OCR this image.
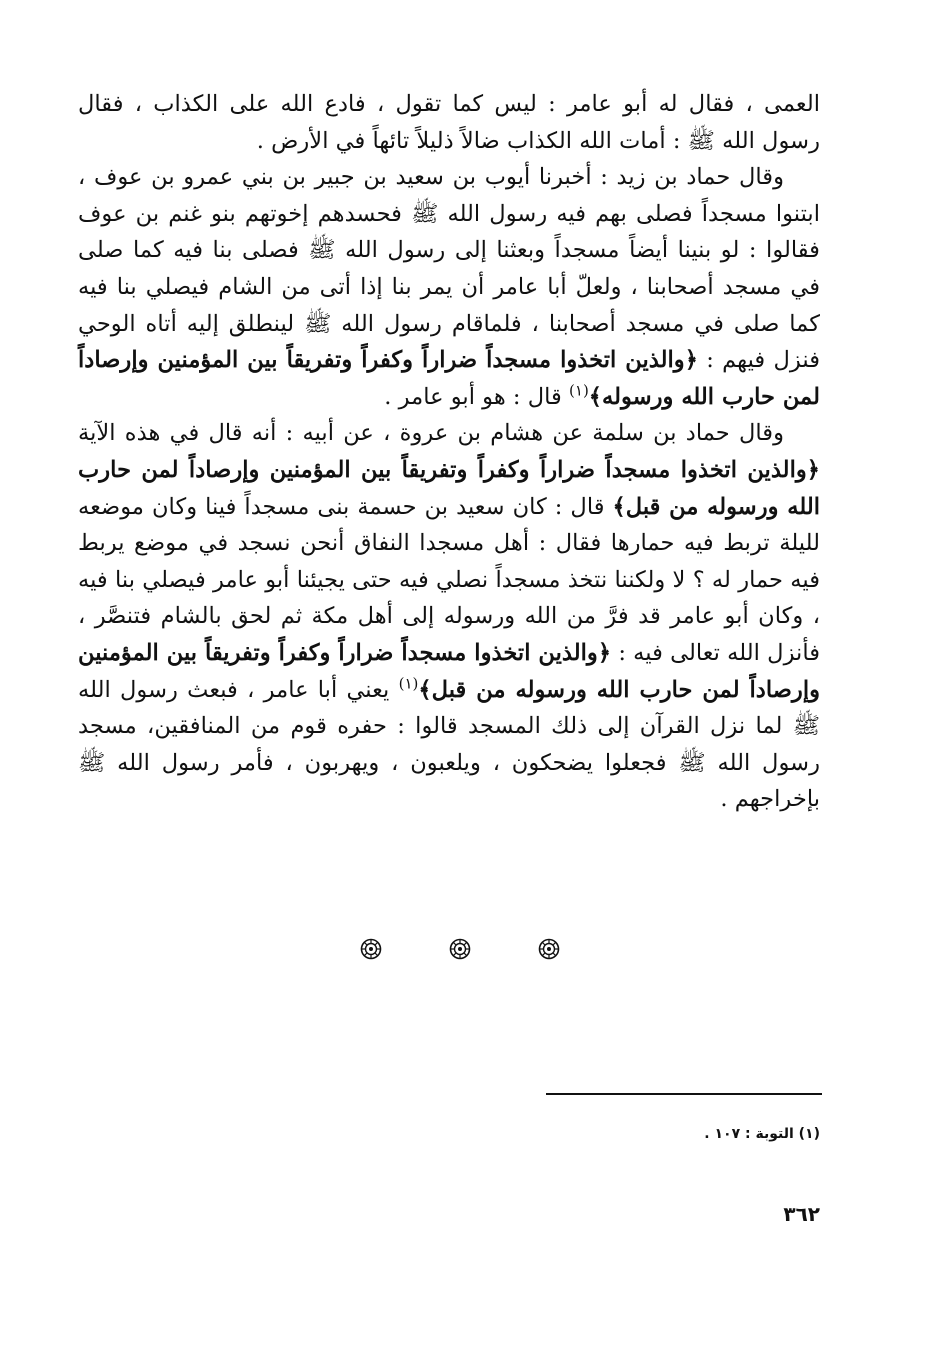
العمى ، فقال له أبو عامر : ليس كما تقول ، فادع الله على الكذاب ، فقال رسول الله ﷺ : أمات الله الكذاب ضالاً ذليلاً تائهاً في الأرض .

وقال حماد بن زيد : أخبرنا أيوب بن سعيد بن جبير بن بني عمرو بن عوف ، ابتنوا مسجداً فصلى بهم فيه رسول الله ﷺ فحسدهم إخوتهم بنو غنم بن عوف فقالوا : لو بنينا أيضاً مسجداً وبعثنا إلى رسول الله ﷺ فصلى بنا فيه كما صلى في مسجد أصحابنا ، ولعلّ أبا عامر أن يمر بنا إذا أتى من الشام فيصلي بنا فيه كما صلى في مسجد أصحابنا ، فلماقام رسول الله ﷺ لينطلق إليه أتاه الوحي فنزل فيهم : ﴿والذين اتخذوا مسجداً ضراراً وكفراً وتفريقاً بين المؤمنين وإرصاداً لمن حارب الله ورسوله﴾$^{(١)}$ قال : هو أبو عامر .

وقال حماد بن سلمة عن هشام بن عروة ، عن أبيه : أنه قال في هذه الآية ﴿والذين اتخذوا مسجداً ضراراً وكفراً وتفريقاً بين المؤمنين وإرصاداً لمن حارب الله ورسوله من قبل﴾ قال : كان سعيد بن حسمة بنى مسجداً فينا وكان موضعه لليلة تربط فيه حمارها فقال : أهل مسجدا النفاق أنحن نسجد في موضع يربط فيه حمار له ؟ لا ولكننا نتخذ مسجداً نصلي فيه حتى يجيئنا أبو عامر فيصلي بنا فيه ، وكان أبو عامر قد فرَّ من الله ورسوله إلى أهل مكة ثم لحق بالشام فتنصَّر ، فأنزل الله تعالى فيه : ﴿والذين اتخذوا مسجداً ضراراً وكفراً وتفريقاً بين المؤمنين وإرصاداً لمن حارب الله ورسوله من قبل﴾$^{(١)}$ يعني أبا عامر ، فبعث رسول الله ﷺ لما نزل القرآن إلى ذلك المسجد قالوا : حفره قوم من المنافقين، مسجد رسول الله ﷺ فجعلوا يضحكون ، ويلعبون ، ويهربون ، فأمر رسول الله ﷺ بإخراجهم .

(١) التوبة : ١٠٧ .
٣٦٢
